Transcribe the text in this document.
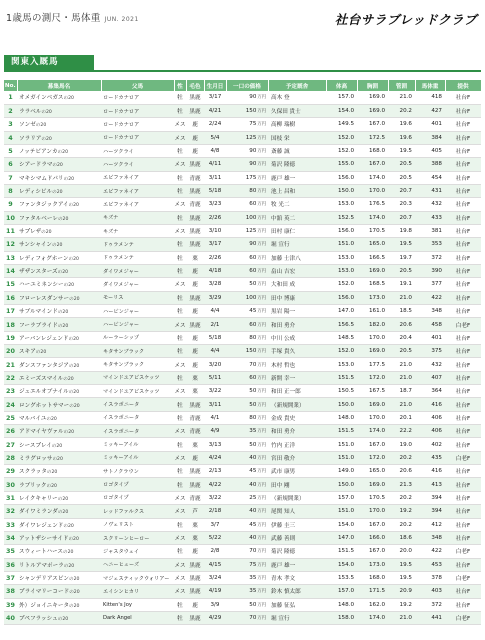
1歳馬の測尺・馬体重 JUN. 2021	社台サラブレッドクラブ
関東入厩馬
No.	募集馬名	父馬	性	毛色	生月日	一口の価格	予定厩舎	体高	胸囲	管囲	馬体重	提供
1	オメガインベガスの20	ロードカナロア	牡	黒鹿	3/17	90万円	高木 登	157.0	169.0	21.0	418	社台F
2	ララベルの20	ロードカナロア	牡	黒鹿	4/21	150万円	久保田 貴士	154.0	169.0	20.2	427	社台F
3	ソンゼの20	ロードカナロア	メス	鹿	2/24	75万円	高柳 瑞樹	149.5	167.0	19.6	401	社台F
4	ソラリアの20	ロードカナロア	メス	鹿	5/4	125万円	国枝 栄	152.0	172.5	19.6	384	社台F
5	ノッテビアンカの20	ハーツクライ	牡	鹿	4/8	90万円	斎藤 誠	152.0	168.0	19.5	405	社台F
6	シアードラマの20	ハーツクライ	メス	黒鹿	4/11	90万円	菊沢 隆徳	155.0	167.0	20.5	388	社台F
7	マキシマムドパリの20	エピファネイア	牡	青鹿	3/11	175万円	鹿戸 雄一	156.0	174.0	20.5	454	社台F
8	レディシビルの20	エピファネイア	牡	黒鹿	5/18	80万円	池上 昌和	150.0	170.0	20.7	431	社台F
9	ファンタジックアイの20	エピファネイア	メス	青鹿	3/23	60万円	牧 光二	153.0	176.5	20.3	432	社台F
10	ファタルベーレの20	キズナ	牡	黒鹿	2/26	100万円	中舘 英二	152.5	174.0	20.7	433	社台F
11	サプレザの20	キズナ	メス	黒鹿	3/10	125万円	田村 康仁	156.0	170.5	19.8	381	社台F
12	サンシャインの20	ドゥラメンテ	牡	黒鹿	3/17	90万円	堀 宣行	151.0	165.0	19.5	353	社台F
13	レディフォグホーンの20	ドゥラメンテ	牡	栗	2/26	60万円	加藤 士津八	153.0	166.5	19.7	372	社台F
14	ザザンスターズの20	ダイワメジャー	牡	鹿	4/18	60万円	畠山 吉宏	153.0	169.0	20.5	390	社台F
15	ハーユミネンシーの20	ダイワメジャー	メス	鹿	3/28	50万円	大和田 成	152.0	168.5	19.1	377	社台F
16	フローレスダンサーの20	モーリス	牡	黒鹿	3/29	100万円	田中 博康	156.0	173.0	21.0	422	社台F
17	サブルマインドの20	ハービンジャー	牡	鹿	4/4	45万円	黒岩 陽一	147.0	161.0	18.5	348	社台F
18	フーラブライドの20	ハービンジャー	メス	黒鹿	2/1	60万円	和田 勇介	156.5	182.0	20.6	458	白老F
19	アーバンレジェンドの20	ルーラーシップ	牡	鹿	5/18	80万円	中川 公成	148.5	170.0	20.4	401	社台F
20	スキアの20	キタサンブラック	牡	鹿	4/4	150万円	手塚 貴久	152.0	169.0	20.5	375	社台F
21	ダンスファンタジアの20	キタサンブラック	メス	鹿	3/20	70万円	木村 哲也	153.0	177.5	21.0	432	社台F
22	エミーズスマイルの20	マインドユアビスケッツ	牡	栗	5/11	60万円	新開 幸一	151.5	172.0	21.0	407	社台F
23	ジュエルオブナイルの20	マインドユアビスケッツ	メス	栗	3/22	50万円	和田 正一郎	150.5	167.5	18.7	364	社台F
24	ロングホットサマーの20	イスラボニータ	牡	黒鹿	3/11	50万円	（新規開業）	150.0	169.0	21.0	416	社台F
25	マルバイユの20	イスラボニータ	牡	青鹿	4/1	80万円	金成 貴史	148.0	170.0	20.1	406	社台F
26	アドマイヤヴァルの20	イスラボニータ	メス	青鹿	4/9	35万円	和田 勇介	151.5	174.0	22.2	406	社台F
27	シースプレイの20	ミッキーアイル	牡	栗	3/13	50万円	竹内 正洋	151.0	167.0	19.0	402	社台F
28	ミラグロッサの20	ミッキーアイル	メス	鹿	4/24	40万円	宮田 敬介	151.0	172.0	20.2	435	白老F
29	スクラッタの20	サトノクラウン	牡	黒鹿	2/13	45万円	武市 康男	149.0	165.0	20.6	416	社台F
30	ラブリックの20	ロゴタイプ	牡	黒鹿	4/22	40万円	田中 剛	150.0	169.0	21.3	413	社台F
31	レイクキャリーの20	ロゴタイプ	メス	青鹿	3/22	25万円	（新規開業）	157.0	170.5	20.2	394	社台F
32	ダイワミランダの20	レッドファルクス	メス	芦	2/18	40万円	尾関 知人	151.0	170.0	19.2	394	社台F
33	ダイワレジェンドの20	ノヴェリスト	牡	栗	3/7	45万円	伊藤 圭三	154.0	167.0	20.2	412	社台F
34	アットザシーサイドの20	スクリーンヒーロー	メス	栗	5/22	40万円	武藤 善則	147.0	166.0	18.6	348	社台F
35	スウィートハースの20	ジャスタウェイ	牡	鹿	2/8	70万円	菊沢 隆徳	151.5	167.0	20.0	422	白老F
36	リトルアマポーラの20	ヘニーヒューズ	メス	黒鹿	4/15	75万円	鹿戸 雄一	154.0	173.0	19.5	453	社台F
37	シャンデリアスピンの20	マジェスティックウォリアー	メス	黒鹿	3/24	35万円	青木 孝文	153.5	168.0	19.5	378	白老F
38	プライマリーコードの20	エイシンヒカリ	メス	黒鹿	4/19	35万円	鈴木 慎太郎	157.0	171.5	20.9	403	社台F
39	外）ジョイニキータの20	Kitten's Joy	牡	鹿	3/9	50万円	加藤 征弘	148.0	162.0	19.2	372	社台F
40	プペフラッシュの20	Dark Angel	牡	黒鹿	4/29	70万円	堀 宣行	158.0	174.0	21.0	441	白老F
